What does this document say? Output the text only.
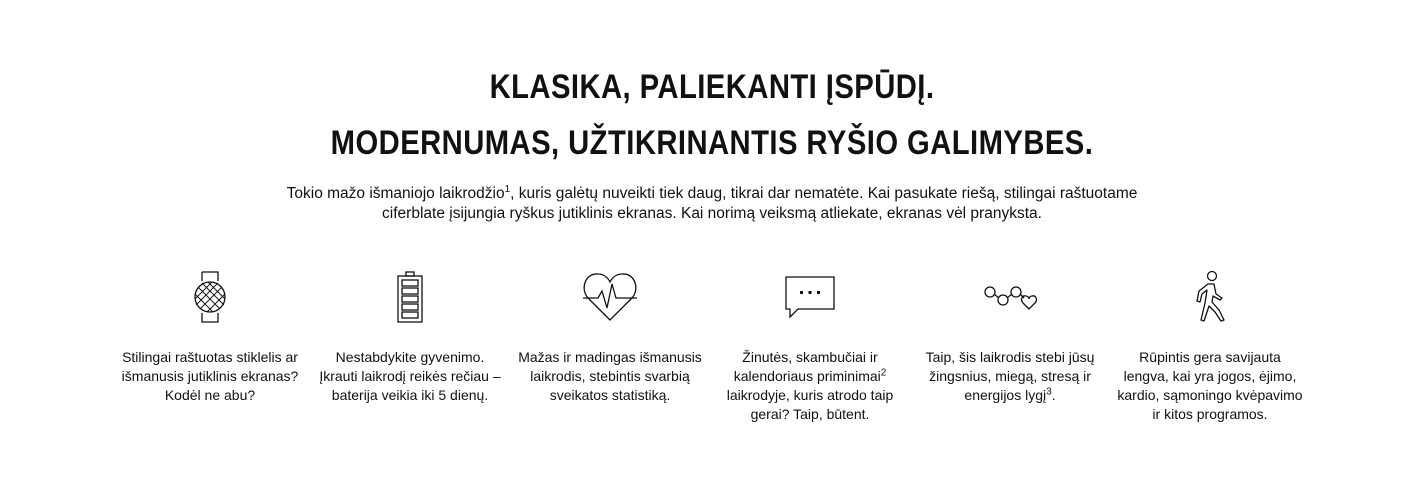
KLASIKA, PALIEKANTI ĮSPŪDĮ.
MODERNUMAS, UŽTIKRINANTIS RYŠIO GALIMYBES.

Tokio mažo išmaniojo laikrodžio$^1$, kuris galėtų nuveikti tiek daug, tikrai dar nematėte. Kai pasukate riešą, stilingai raštuotame ciferblate įsijungia ryškus jutiklinis ekranas. Kai norimą veiksmą atliekate, ekranas vėl pranyksta.

Stilingai raštuotas stiklelis ar išmanusis jutiklinis ekranas? Kodėl ne abu?
Nestabdykite gyvenimo. Įkrauti laikrodį reikės rečiau – baterija veikia iki 5 dienų.
Mažas ir madingas išmanusis laikrodis, stebintis svarbią sveikatos statistiką.
Žinutės, skambučiai ir kalendoriaus priminimai$^2$ laikrodyje, kuris atrodo taip gerai? Taip, būtent.
Taip, šis laikrodis stebi jūsų žingsnius, miegą, stresą ir energijos lygį$^3$.
Rūpintis gera savijauta lengva, kai yra jogos, ėjimo, kardio, sąmoningo kvėpavimo ir kitos programos.
